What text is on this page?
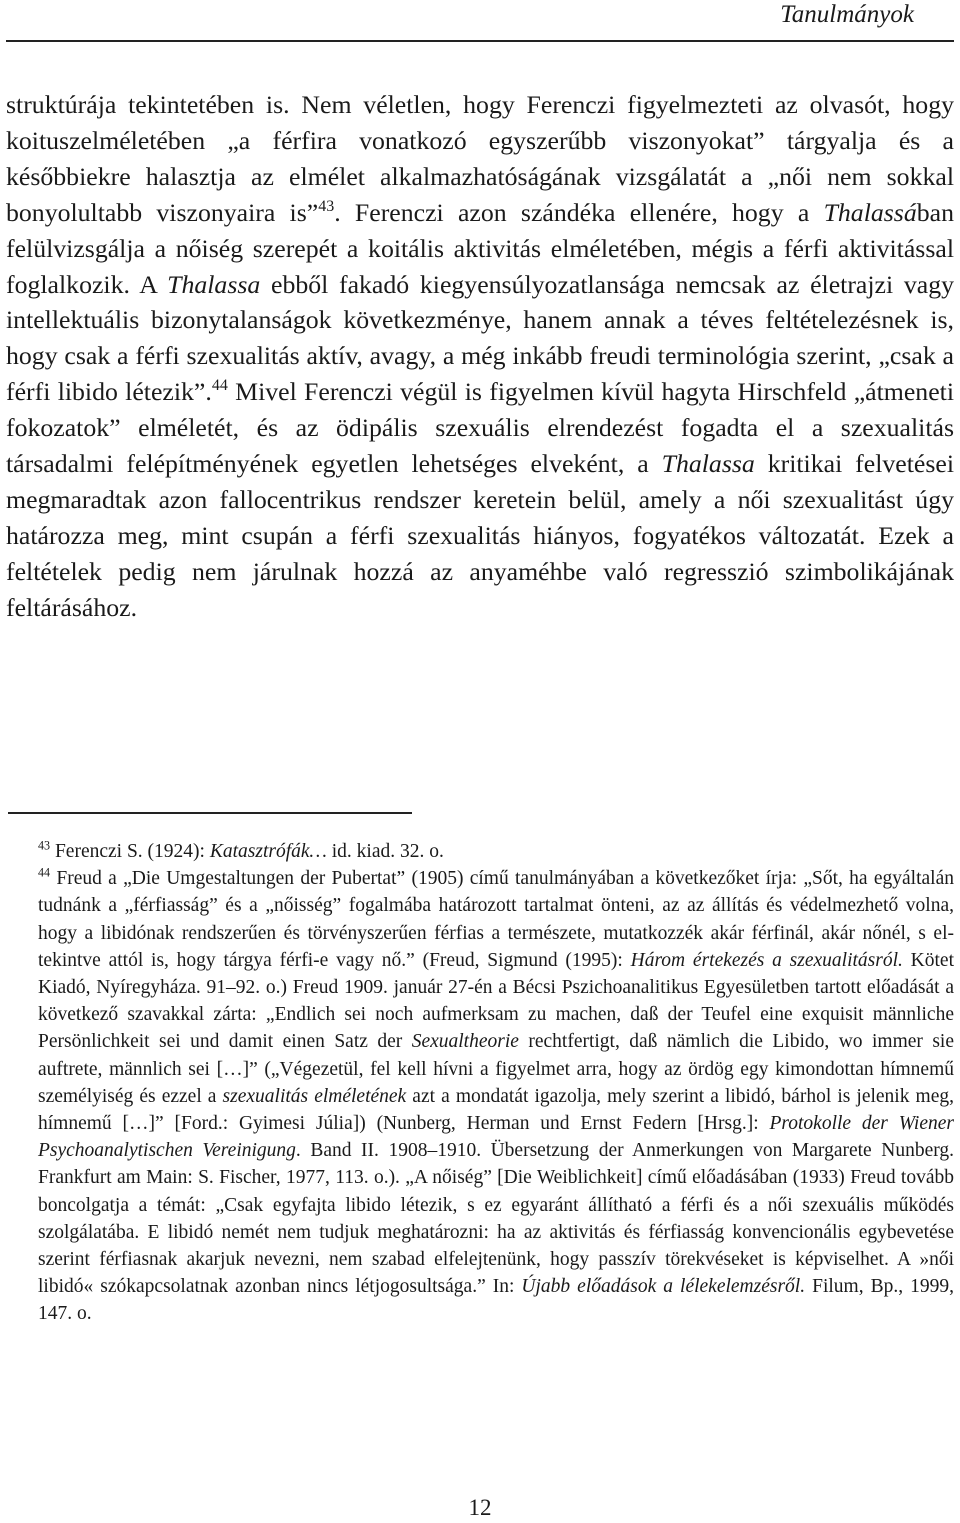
Tanulmányok

struktúrája tekintetében is. Nem véletlen, hogy Ferenczi figyelmezteti az olvasót, hogy koituszelméletében „a férfira vonatkozó egyszerűbb viszonyokat” tárgyalja és a későbbiekre halasztja az elmélet alkalmazhatóságának vizsgálatát a „női nem sokkal bonyolultabb viszonyaira is”$^{43}$. Ferenczi azon szándéka ellenére, hogy a Thalassában felülvizsgálja a nőiség szerepét a koitális aktivitás elméletében, mégis a férfi aktivitással foglalkozik. A Thalassa ebből fakadó kiegyensúlyozatlansága nemcsak az életrajzi vagy intellektuális bizonytalanságok következménye, hanem annak a téves feltételezésnek is, hogy csak a férfi szexualitás aktív, avagy, a még inkább freudi terminológia szerint, „csak a férfi libido létezik”.$^{44}$ Mivel Ferenczi végül is figyelmen kívül hagyta Hirschfeld „átmeneti fokozatok” elméletét, és az ödipális szexuális elrendezést fogadta el a szexualitás társadalmi felépítményének egyetlen lehetséges elveként, a Thalassa kritikai felvetései megmaradtak azon fallocentrikus rendszer keretein belül, amely a női szexualitást úgy határozza meg, mint csupán a férfi szexualitás hiányos, fogyatékos változatát. Ezek a feltételek pedig nem járulnak hozzá az anyaméhbe való regresszió szimbolikájának feltárásához.

$^{43}$ Ferenczi S. (1924): Katasztrófák… id. kiad. 32. o.

$^{44}$ Freud a „Die Umgestaltungen der Pubertat” (1905) című tanulmányában a következőket írja: „Sőt, ha egyáltalán tudnánk a „férfiasság” és a „nőisség” fogalmába határozott tartalmat önteni, az az állítás és védelmezhető volna, hogy a libidónak rendszerűen és törvényszerűen férfias a természete, mutatkozzék akár férfinál, akár nőnél, s eltekintve attól is, hogy tárgya férfi-e vagy nő.” (Freud, Sigmund (1995): Három értekezés a szexualitásról. Kötet Kiadó, Nyíregyháza. 91–92. o.) Freud 1909. január 27-én a Bécsi Pszichoanalitikus Egyesületben tartott előadását a következő szavakkal zárta: „Endlich sei noch aufmerksam zu machen, daß der Teufel eine exquisit männliche Persönlichkeit sei und damit einen Satz der Sexualtheorie rechtfertigt, daß nämlich die Libido, wo immer sie auftrete, männlich sei […]” („Végezetül, fel kell hívni a figyelmet arra, hogy az ördög egy kimondottan hímnemű személyiség és ezzel a szexualitás elméletének azt a mondatát igazolja, mely szerint a libidó, bárhol is jelenik meg, hímnemű […]” [Ford.: Gyimesi Júlia]) (Nunberg, Herman und Ernst Federn [Hrsg.]: Protokolle der Wiener Psychoanalytischen Vereinigung. Band II. 1908–1910. Übersetzung der Anmerkungen von Margarete Nunberg. Frankfurt am Main: S. Fischer, 1977, 113. o.). „A nőiség” [Die Weiblichkeit] című előadásában (1933) Freud tovább boncolgatja a témát: „Csak egyfajta libido létezik, s ez egyaránt állítható a férfi és a női szexuális működés szolgálatába. E libidó nemét nem tudjuk meghatározni: ha az aktivitás és férfiasság konvencionális egybevetése szerint férfiasnak akarjuk nevezni, nem szabad elfelejtenünk, hogy passzív törekvéseket is képviselhet. A »női libidó« szókapcsolatnak azonban nincs létjogosultsága.” In: Újabb előadások a lélekelemzésről. Filum, Bp., 1999, 147. o.

12
